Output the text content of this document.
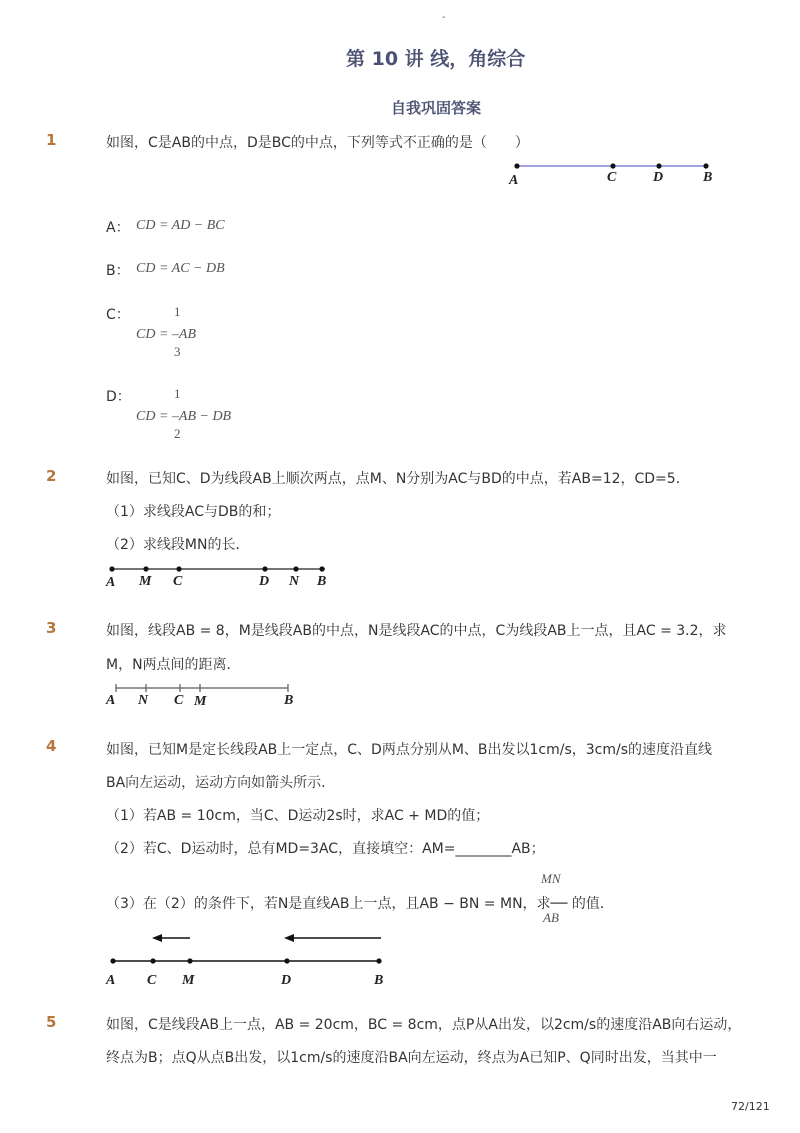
-
第 10 讲 线，角综合
自我巩固答案
1	如图，C是AB的中点，D是BC的中点，下列等式不正确的是（　　）
A	C	D	B
A： CD = AD − BC
B： CD = AC − DB
C：	1
CD = –AB
3
D：	1
CD = –AB − DB
2
2	如图，已知C、D为线段AB上顺次两点，点M、N分别为AC与BD的中点，若AB=12，CD=5．
（1）求线段AC与DB的和；
（2）求线段MN的长．
A M C	D N B
3	如图，线段AB = 8，M是线段AB的中点，N是线段AC的中点，C为线段AB上一点，且AC = 3.2，求
M，N两点间的距离．
A N C M	B
4	如图，已知M是定长线段AB上一定点，C、D两点分别从M、B出发以1cm/s，3cm/s的速度沿直线
BA向左运动，运动方向如箭头所示．
（1）若AB = 10cm，当C、D运动2s时，求AC + MD的值；
（2）若C、D运动时，总有MD=3AC，直接填空：AM=________AB；
MN
（3）在（2）的条件下，若N是直线AB上一点，且AB − BN = MN，求── 的值．
AB
A C M	D	B
5	如图，C是线段AB上一点，AB = 20cm，BC = 8cm，点P从A出发，以2cm/s的速度沿AB向右运动，
终点为B；点Q从点B出发，以1cm/s的速度沿BA向左运动，终点为A已知P、Q同时出发，当其中一
72/121
